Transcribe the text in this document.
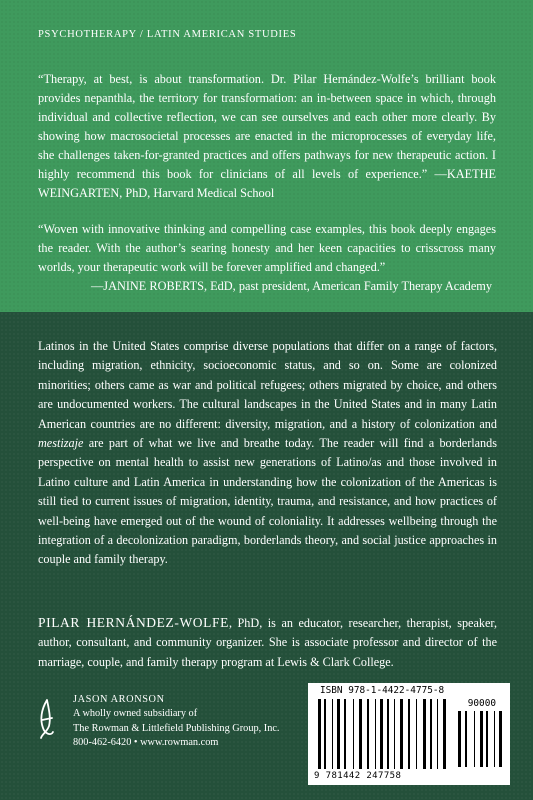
PSYCHOTHERAPY / LATIN AMERICAN STUDIES

“Therapy, at best, is about transformation. Dr. Pilar Hernández-Wolfe’s brilliant book provides nepanthla, the territory for transformation: an in-between space in which, through individual and collective reflection, we can see ourselves and each other more clearly. By showing how macrosocietal processes are enacted in the microprocesses of everyday life, she challenges taken-for-granted practices and offers pathways for new therapeutic action. I highly recommend this book for clinicians of all levels of experience.” —KAETHE WEINGARTEN, PhD, Harvard Medical School

“Woven with innovative thinking and compelling case examples, this book deeply engages the reader. With the author’s searing honesty and her keen capacities to crisscross many worlds, your therapeutic work will be forever amplified and changed.”
—JANINE ROBERTS, EdD, past president, American Family Therapy Academy

Latinos in the United States comprise diverse populations that differ on a range of factors, including migration, ethnicity, socioeconomic status, and so on. Some are colonized minorities; others came as war and political refugees; others migrated by choice, and others are undocumented workers. The cultural landscapes in the United States and in many Latin American countries are no different: diversity, migration, and a history of colonization and mestizaje are part of what we live and breathe today. The reader will find a borderlands perspective on mental health to assist new generations of Latino/as and those involved in Latino culture and Latin America in understanding how the colonization of the Americas is still tied to current issues of migration, identity, trauma, and resistance, and how practices of well-being have emerged out of the wound of coloniality. It addresses wellbeing through the integration of a decolonization paradigm, borderlands theory, and social justice approaches in couple and family therapy.

PILAR HERNÁNDEZ-WOLFE, PhD, is an educator, researcher, therapist, speaker, author, consultant, and community organizer. She is associate professor and director of the marriage, couple, and family therapy program at Lewis & Clark College.

JASON ARONSON
A wholly owned subsidiary of
The Rowman & Littlefield Publishing Group, Inc.
800-462-6420 • www.rowman.com
ISBN 978-1-4422-4775-8
90000
9 781442 247758
